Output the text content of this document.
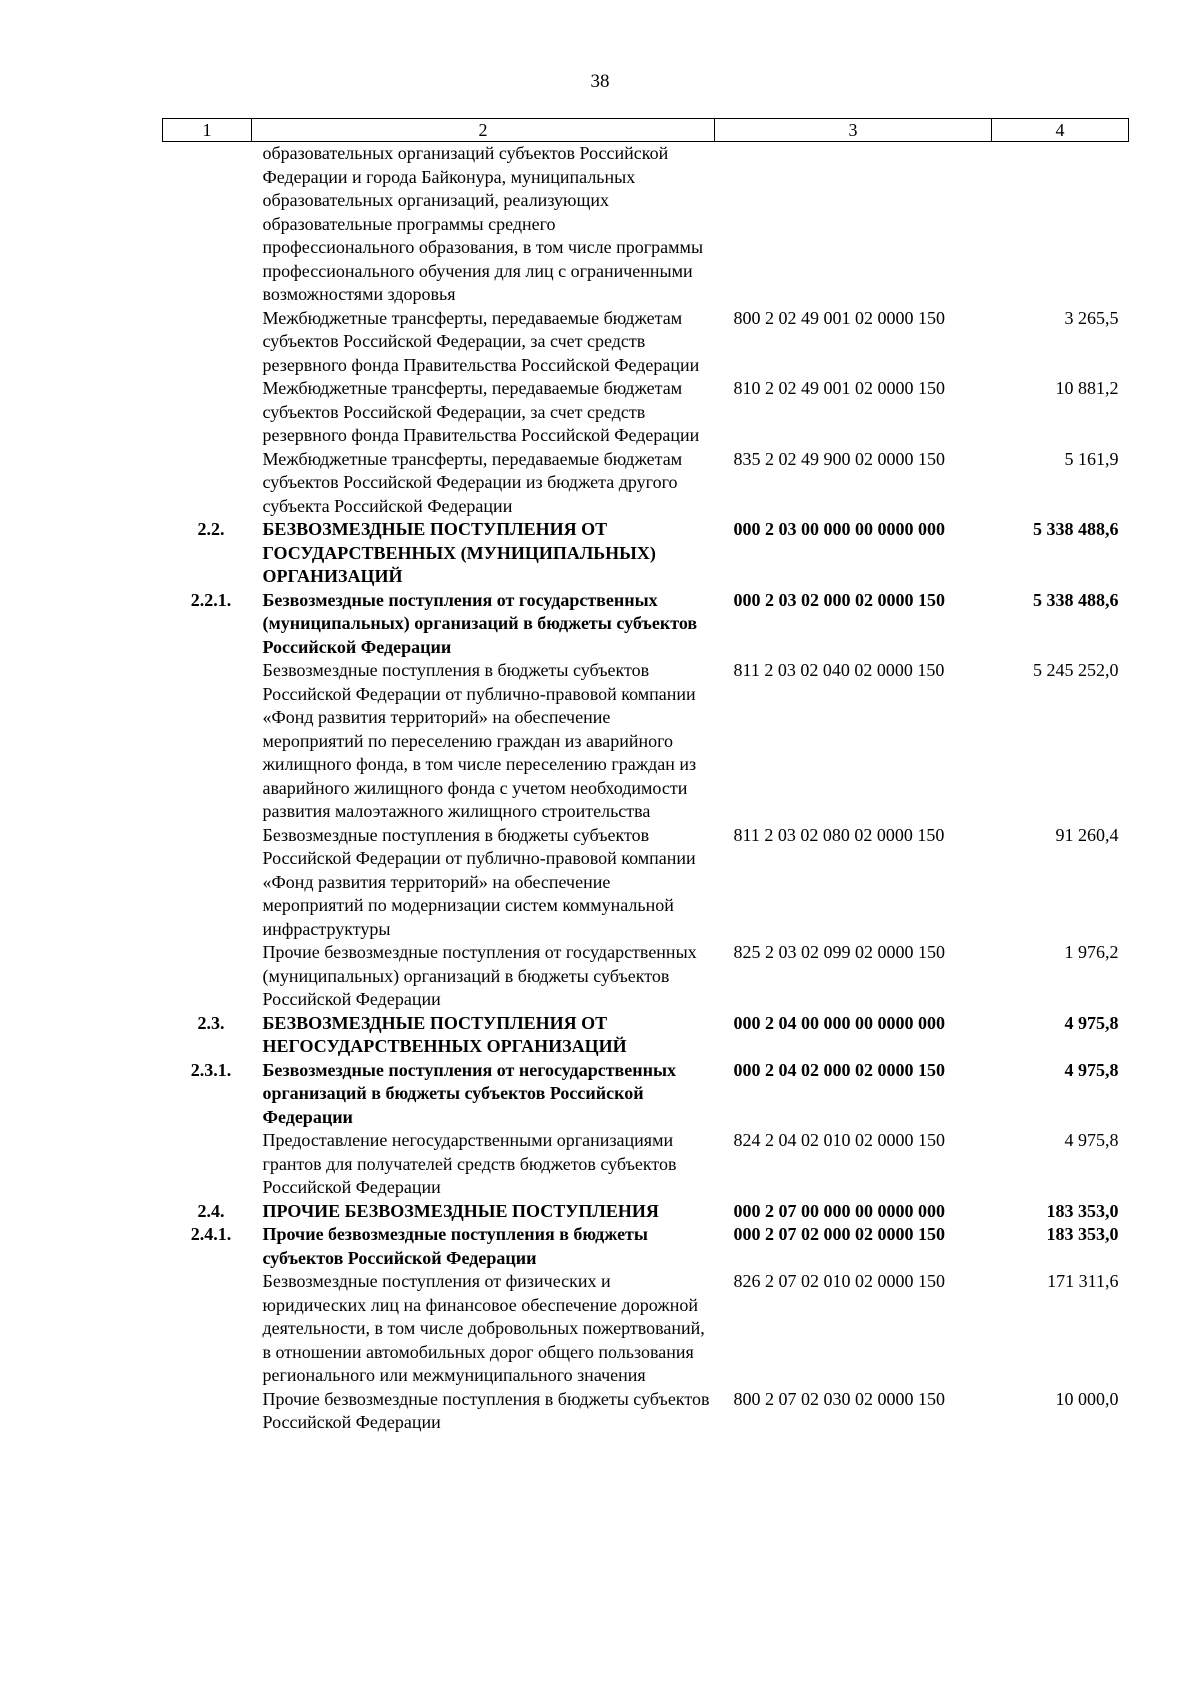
38
1	2	3	4
	образовательных организаций субъектов Российской Федерации и города Байконура, муниципальных образовательных организаций, реализующих образовательные программы среднего профессионального образования, в том числе программы профессионального обучения для лиц с ограниченными возможностями здоровья		
	Межбюджетные трансферты, передаваемые бюджетам субъектов Российской Федерации, за счет средств резервного фонда Правительства Российской Федерации	800 2 02 49 001 02 0000 150	3 265,5
	Межбюджетные трансферты, передаваемые бюджетам субъектов Российской Федерации, за счет средств резервного фонда Правительства Российской Федерации	810 2 02 49 001 02 0000 150	10 881,2
	Межбюджетные трансферты, передаваемые бюджетам субъектов Российской Федерации из бюджета другого субъекта Российской Федерации	835 2 02 49 900 02 0000 150	5 161,9
2.2.	БЕЗВОЗМЕЗДНЫЕ ПОСТУПЛЕНИЯ ОТ ГОСУДАРСТВЕННЫХ (МУНИЦИПАЛЬНЫХ) ОРГАНИЗАЦИЙ	000 2 03 00 000 00 0000 000	5 338 488,6
2.2.1.	Безвозмездные поступления от государственных (муниципальных) организаций в бюджеты субъектов Российской Федерации	000 2 03 02 000 02 0000 150	5 338 488,6
	Безвозмездные поступления в бюджеты субъектов Российской Федерации от публично-правовой компании «Фонд развития территорий» на обеспечение мероприятий по переселению граждан из аварийного жилищного фонда, в том числе переселению граждан из аварийного жилищного фонда с учетом необходимости развития малоэтажного жилищного строительства	811 2 03 02 040 02 0000 150	5 245 252,0
	Безвозмездные поступления в бюджеты субъектов Российской Федерации от публично-правовой компании «Фонд развития территорий» на обеспечение мероприятий по модернизации систем коммунальной инфраструктуры	811 2 03 02 080 02 0000 150	91 260,4
	Прочие безвозмездные поступления от государственных (муниципальных) организаций в бюджеты субъектов Российской Федерации	825 2 03 02 099 02 0000 150	1 976,2
2.3.	БЕЗВОЗМЕЗДНЫЕ ПОСТУПЛЕНИЯ ОТ НЕГОСУДАРСТВЕННЫХ ОРГАНИЗАЦИЙ	000 2 04 00 000 00 0000 000	4 975,8
2.3.1.	Безвозмездные поступления от негосударственных организаций в бюджеты субъектов Российской Федерации	000 2 04 02 000 02 0000 150	4 975,8
	Предоставление негосударственными организациями грантов для получателей средств бюджетов субъектов Российской Федерации	824 2 04 02 010 02 0000 150	4 975,8
2.4.	ПРОЧИЕ БЕЗВОЗМЕЗДНЫЕ ПОСТУПЛЕНИЯ	000 2 07 00 000 00 0000 000	183 353,0
2.4.1.	Прочие безвозмездные поступления в бюджеты субъектов Российской Федерации	000 2 07 02 000 02 0000 150	183 353,0
	Безвозмездные поступления от физических и юридических лиц на финансовое обеспечение дорожной деятельности, в том числе добровольных пожертвований, в отношении автомобильных дорог общего пользования регионального или межмуниципального значения	826 2 07 02 010 02 0000 150	171 311,6
	Прочие безвозмездные поступления в бюджеты субъектов Российской Федерации	800 2 07 02 030 02 0000 150	10 000,0
